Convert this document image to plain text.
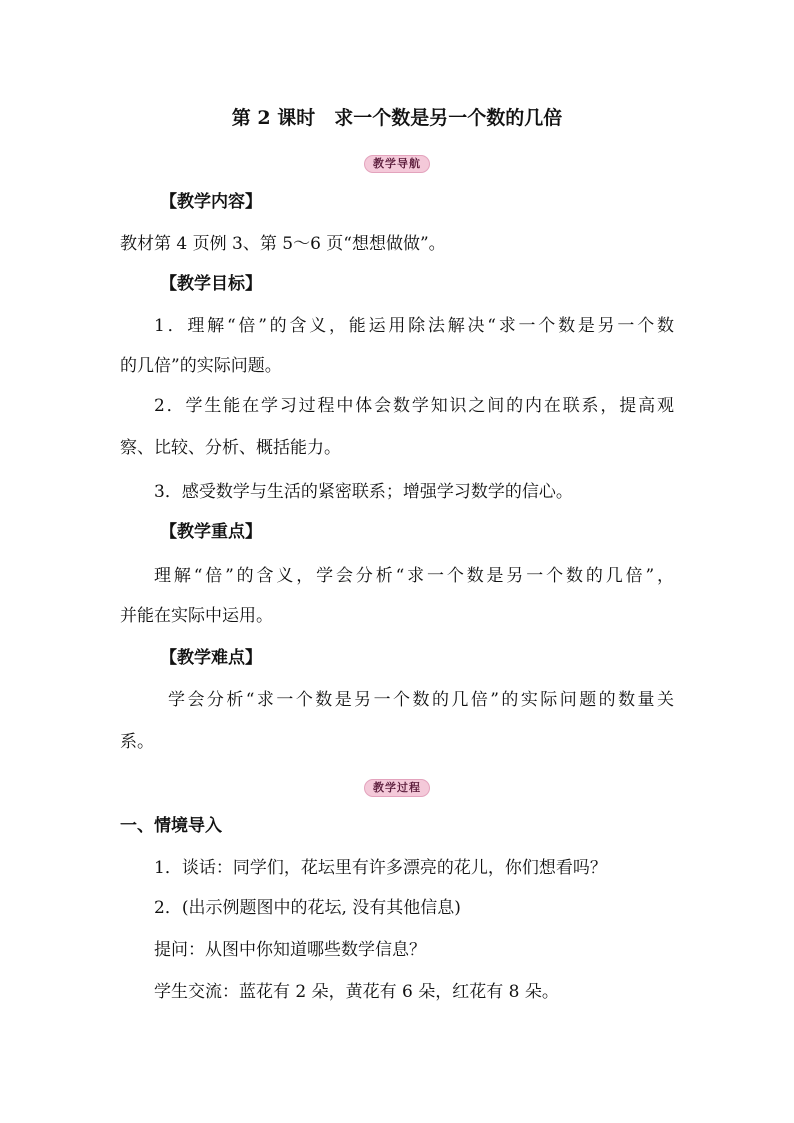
第 2 课时　求一个数是另一个数的几倍
教学导航
【教学内容】
教材第 4 页例 3、第 5～6 页“想想做做”。
【教学目标】
1．理解“倍”的含义，能运用除法解决“求一个数是另一个数
的几倍”的实际问题。
2．学生能在学习过程中体会数学知识之间的内在联系，提高观
察、比较、分析、概括能力。
3．感受数学与生活的紧密联系；增强学习数学的信心。
【教学重点】
理解“倍”的含义，学会分析“求一个数是另一个数的几倍”，
并能在实际中运用。
【教学难点】
学会分析“求一个数是另一个数的几倍”的实际问题的数量关
系。
教学过程
一、情境导入
1．谈话：同学们，花坛里有许多漂亮的花儿，你们想看吗？
2．(出示例题图中的花坛, 没有其他信息)
提问：从图中你知道哪些数学信息？
学生交流：蓝花有 2 朵，黄花有 6 朵，红花有 8 朵。
